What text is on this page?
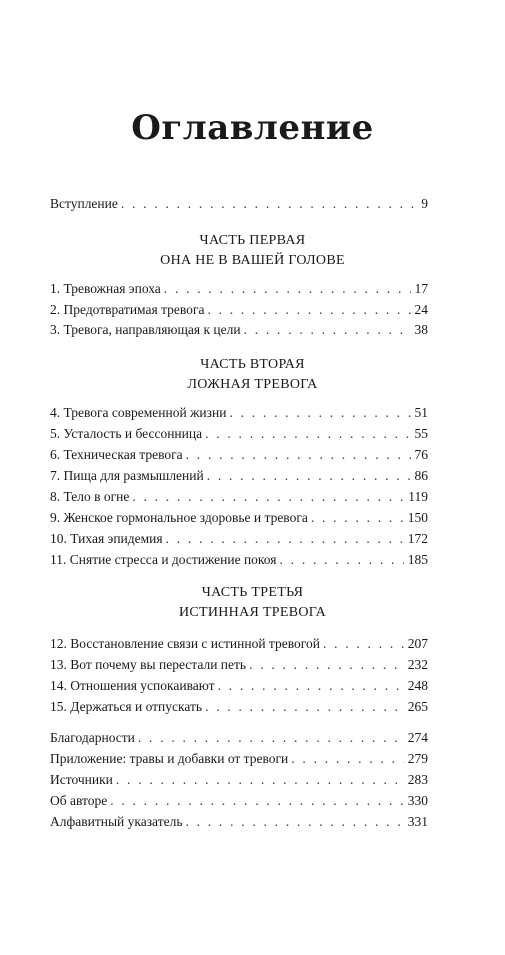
Оглавление
Вступление . . .	9
ЧАСТЬ ПЕРВАЯ
ОНА НЕ В ВАШЕЙ ГОЛОВЕ
1. Тревожная эпоха . . .	17
2. Предотвратимая тревога . . .	24
3. Тревога, направляющая к цели . . .	38
ЧАСТЬ ВТОРАЯ
ЛОЖНАЯ ТРЕВОГА
4. Тревога современной жизни . . .	51
5. Усталость и бессонница . . .	55
6. Техническая тревога . . .	76
7. Пища для размышлений . . .	86
8. Тело в огне . . .	119
9. Женское гормональное здоровье и тревога . . .	150
10. Тихая эпидемия . . .	172
11. Снятие стресса и достижение покоя . . .	185
ЧАСТЬ ТРЕТЬЯ
ИСТИННАЯ ТРЕВОГА
12. Восстановление связи с истинной тревогой . . .	207
13. Вот почему вы перестали петь . . .	232
14. Отношения успокаивают . . .	248
15. Держаться и отпускать . . .	265
Благодарности . . .	274
Приложение: травы и добавки от тревоги . . .	279
Источники . . .	283
Об авторе . . .	330
Алфавитный указатель . . .	331
